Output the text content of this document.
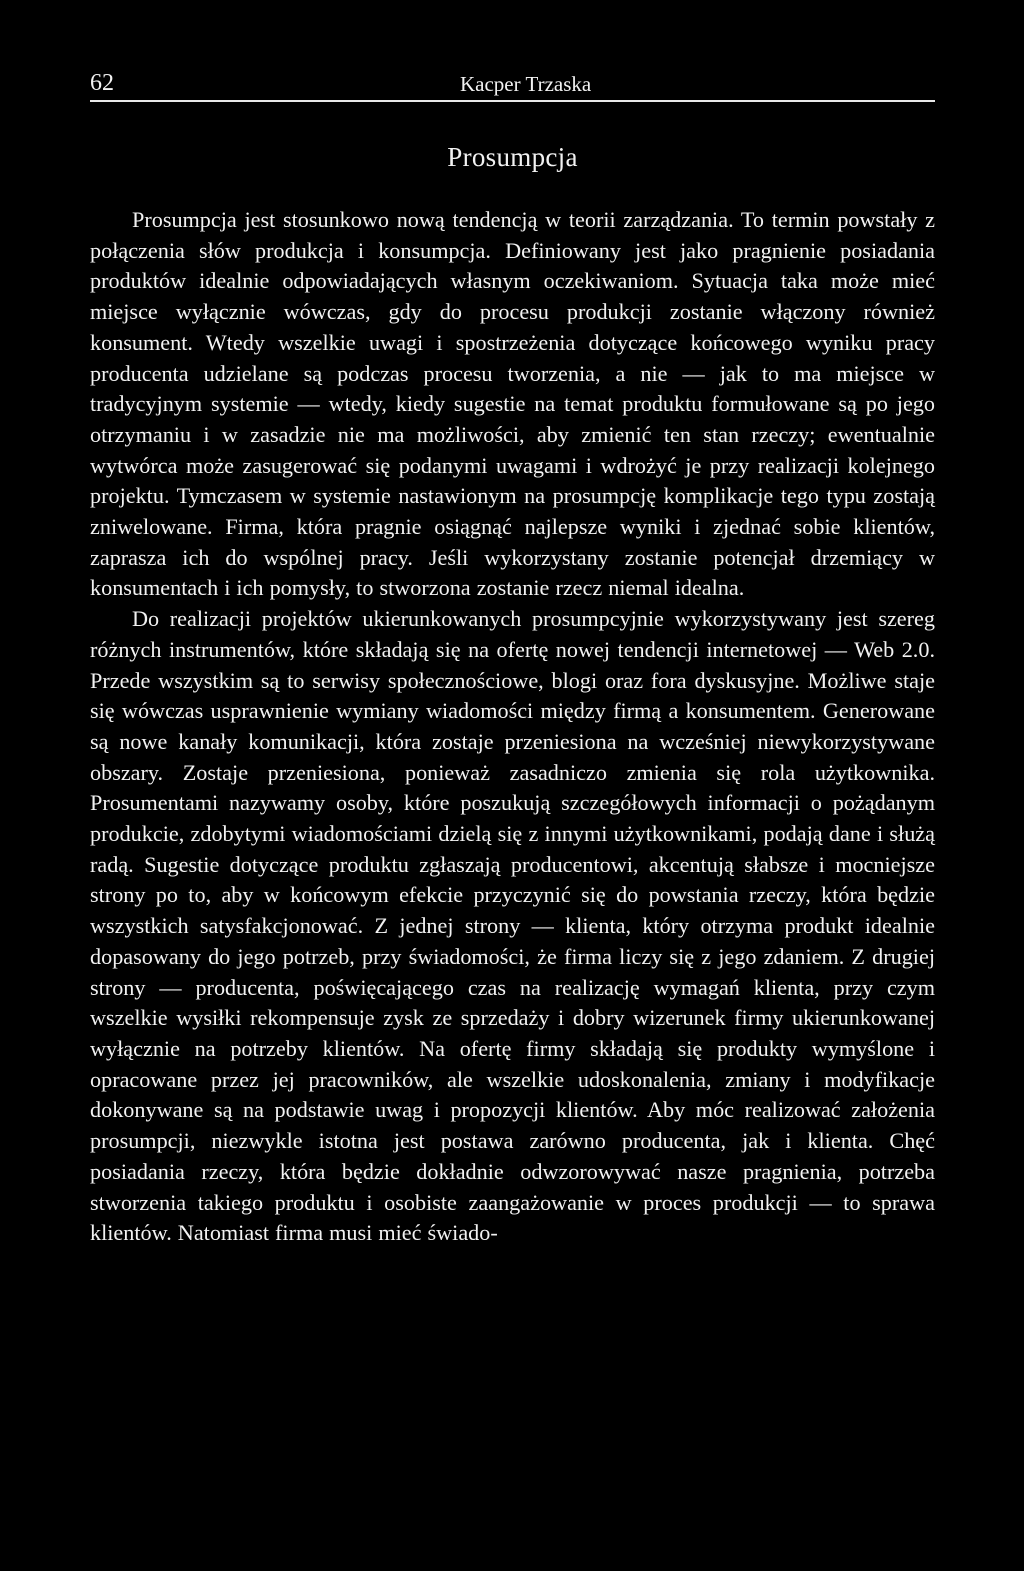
62	Kacper Trzaska
Prosumpcja

Prosumpcja jest stosunkowo nową tendencją w teorii zarządzania. To termin powstały z połączenia słów produkcja i konsumpcja. Definiowany jest jako pragnienie posiadania produktów idealnie odpowiadających własnym oczekiwaniom. Sytuacja taka może mieć miejsce wyłącznie wówczas, gdy do procesu produkcji zostanie włączony również konsument. Wtedy wszelkie uwagi i spostrzeżenia dotyczące końcowego wyniku pracy producenta udzielane są podczas procesu tworzenia, a nie — jak to ma miejsce w tradycyjnym systemie — wtedy, kiedy sugestie na temat produktu formułowane są po jego otrzymaniu i w zasadzie nie ma możliwości, aby zmienić ten stan rzeczy; ewentualnie wytwórca może zasugerować się podanymi uwagami i wdrożyć je przy realizacji kolejnego projektu. Tymczasem w systemie nastawionym na prosumpcję komplikacje tego typu zostają zniwelowane. Firma, która pragnie osiągnąć najlepsze wyniki i zjednać sobie klientów, zaprasza ich do wspólnej pracy. Jeśli wykorzystany zostanie potencjał drzemiący w konsumentach i ich pomysły, to stworzona zostanie rzecz niemal idealna.

Do realizacji projektów ukierunkowanych prosumpcyjnie wykorzystywany jest szereg różnych instrumentów, które składają się na ofertę nowej tendencji internetowej — Web 2.0. Przede wszystkim są to serwisy społecznościowe, blogi oraz fora dyskusyjne. Możliwe staje się wówczas usprawnienie wymiany wiadomości między firmą a konsumentem. Generowane są nowe kanały komunikacji, która zostaje przeniesiona na wcześniej niewykorzystywane obszary. Zostaje przeniesiona, ponieważ zasadniczo zmienia się rola użytkownika. Prosumentami nazywamy osoby, które poszukują szczegółowych informacji o pożądanym produkcie, zdobytymi wiadomościami dzielą się z innymi użytkownikami, podają dane i służą radą. Sugestie dotyczące produktu zgłaszają producentowi, akcentują słabsze i mocniejsze strony po to, aby w końcowym efekcie przyczynić się do powstania rzeczy, która będzie wszystkich satysfakcjonować. Z jednej strony — klienta, który otrzyma produkt idealnie dopasowany do jego potrzeb, przy świadomości, że firma liczy się z jego zdaniem. Z drugiej strony — producenta, poświęcającego czas na realizację wymagań klienta, przy czym wszelkie wysiłki rekompensuje zysk ze sprzedaży i dobry wizerunek firmy ukierunkowanej wyłącznie na potrzeby klientów. Na ofertę firmy składają się produkty wymyślone i opracowane przez jej pracowników, ale wszelkie udoskonalenia, zmiany i modyfikacje dokonywane są na podstawie uwag i propozycji klientów. Aby móc realizować założenia prosumpcji, niezwykle istotna jest postawa zarówno producenta, jak i klienta. Chęć posiadania rzeczy, która będzie dokładnie odwzorowywać nasze pragnienia, potrzeba stworzenia takiego produktu i osobiste zaangażowanie w proces produkcji — to sprawa klientów. Natomiast firma musi mieć świado-
